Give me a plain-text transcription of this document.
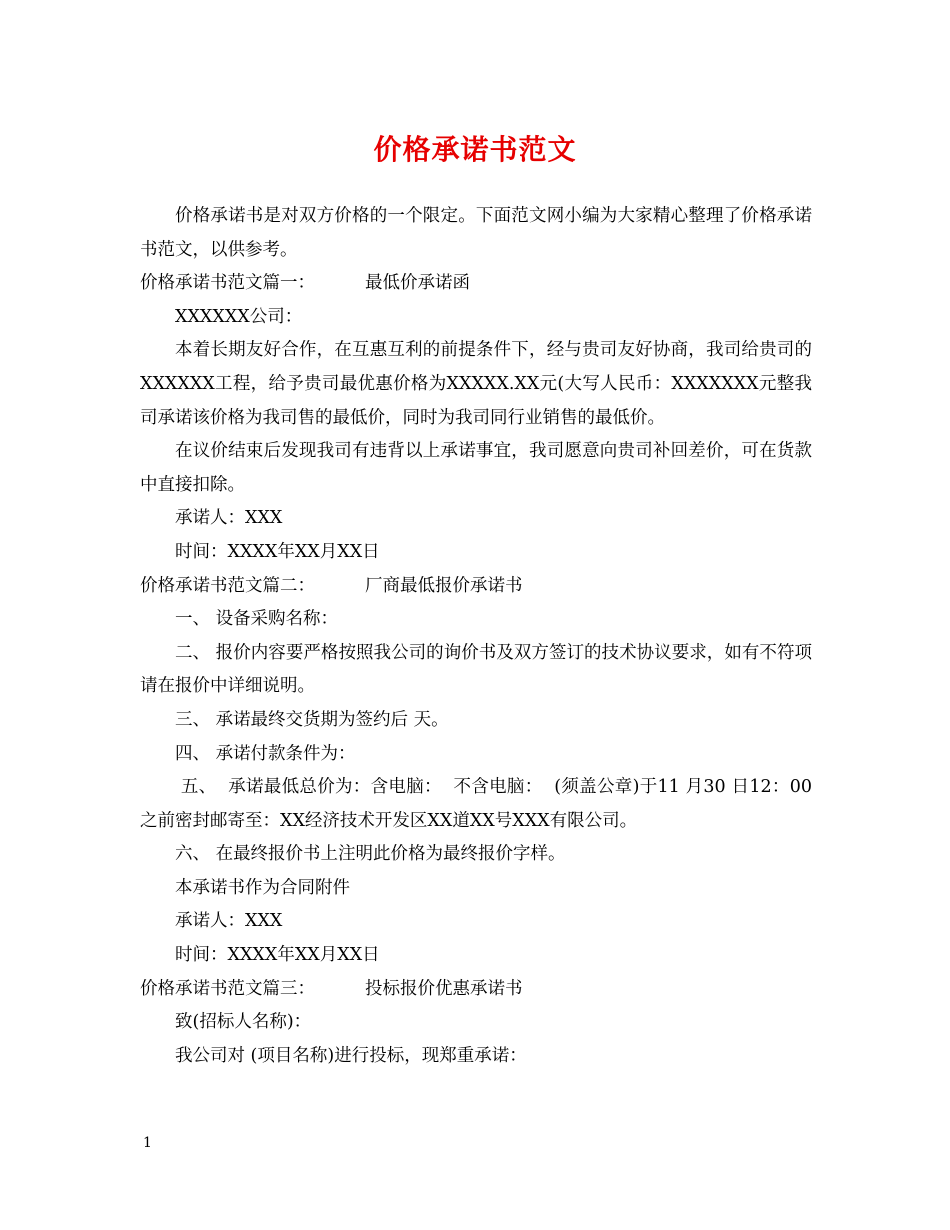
价格承诺书范文

价格承诺书是对双方价格的一个限定。下面范文网小编为大家精心整理了价格承诺书范文，以供参考。

价格承诺书范文篇一：	最低价承诺函

XXXXXX公司：

本着长期友好合作，在互惠互利的前提条件下，经与贵司友好协商，我司给贵司的XXXXXX工程，给予贵司最优惠价格为XXXXX.XX元(大写人民币：XXXXXXX元整我司承诺该价格为我司售的最低价，同时为我司同行业销售的最低价。

在议价结束后发现我司有违背以上承诺事宜，我司愿意向贵司补回差价，可在货款中直接扣除。

承诺人：XXX

时间：XXXX年XX月XX日

价格承诺书范文篇二：	厂商最低报价承诺书

一、 设备采购名称：

二、 报价内容要严格按照我公司的询价书及双方签订的技术协议要求，如有不符项请在报价中详细说明。

三、 承诺最终交货期为签约后 天。

四、 承诺付款条件为：

五、  承诺最低总价为：含电脑：  不含电脑：  (须盖公章)于11 月30 日12：00之前密封邮寄至：XX经济技术开发区XX道XX号XXX有限公司。

六、 在最终报价书上注明此价格为最终报价字样。

本承诺书作为合同附件

承诺人：XXX

时间：XXXX年XX月XX日

价格承诺书范文篇三：	投标报价优惠承诺书

致(招标人名称)：

我公司对 (项目名称)进行投标，现郑重承诺：

1
